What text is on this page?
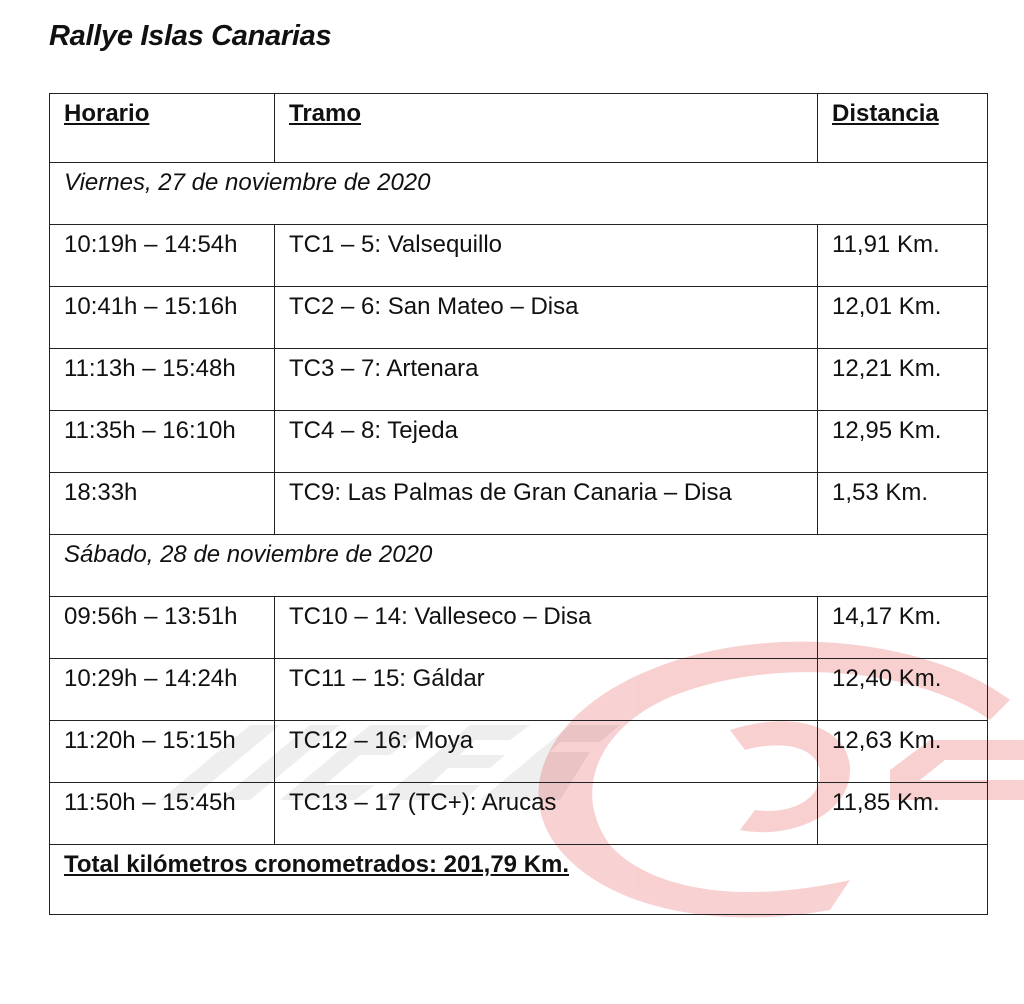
Rallye Islas Canarias
Horario	Tramo	Distancia
Viernes, 27 de noviembre de 2020		
10:19h – 14:54h	TC1 – 5: Valsequillo	11,91 Km.
10:41h – 15:16h	TC2 – 6: San Mateo – Disa	12,01 Km.
11:13h – 15:48h	TC3 – 7: Artenara	12,21 Km.
11:35h – 16:10h	TC4 – 8: Tejeda	12,95 Km.
18:33h	TC9: Las Palmas de Gran Canaria – Disa	1,53 Km.
Sábado, 28 de noviembre de 2020		
09:56h – 13:51h	TC10 – 14: Valleseco – Disa	14,17 Km.
10:29h – 14:24h	TC11 – 15: Gáldar	12,40 Km.
11:20h – 15:15h	TC12 – 16: Moya	12,63 Km.
11:50h – 15:45h	TC13 – 17 (TC+): Arucas	11,85 Km.
Total kilómetros cronometrados: 201,79 Km.		
